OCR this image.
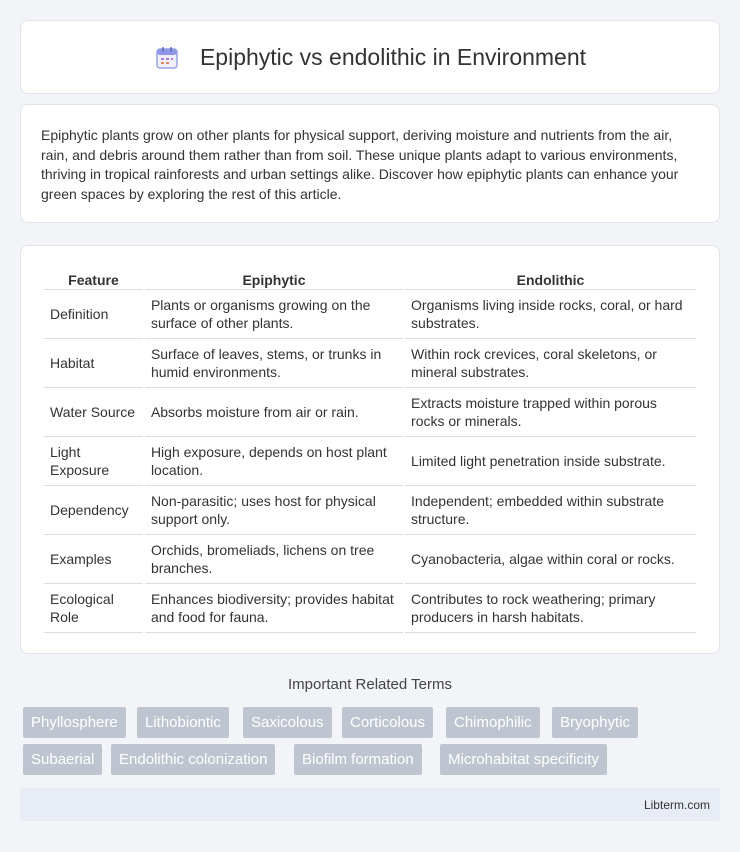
Epiphytic vs endolithic in Environment

Epiphytic plants grow on other plants for physical support, deriving moisture and nutrients from the air, rain, and debris around them rather than from soil. These unique plants adapt to various environments, thriving in tropical rainforests and urban settings alike. Discover how epiphytic plants can enhance your green spaces by exploring the rest of this article.

Feature	Epiphytic	Endolithic
Definition	Plants or organisms growing on the surface of other plants.	Organisms living inside rocks, coral, or hard substrates.
Habitat	Surface of leaves, stems, or trunks in humid environments.	Within rock crevices, coral skeletons, or mineral substrates.
Water Source	Absorbs moisture from air or rain.	Extracts moisture trapped within porous rocks or minerals.
Light Exposure	High exposure, depends on host plant location.	Limited light penetration inside substrate.
Dependency	Non-parasitic; uses host for physical support only.	Independent; embedded within substrate structure.
Examples	Orchids, bromeliads, lichens on tree branches.	Cyanobacteria, algae within coral or rocks.
Ecological Role	Enhances biodiversity; provides habitat and food for fauna.	Contributes to rock weathering; primary producers in harsh habitats.
Important Related Terms
Phyllosphere	Lithobiontic	Saxicolous	Corticolous	Chimophilic	Bryophytic
Subaerial	Endolithic colonization	Biofilm formation	Microhabitat specificity
Libterm.com
